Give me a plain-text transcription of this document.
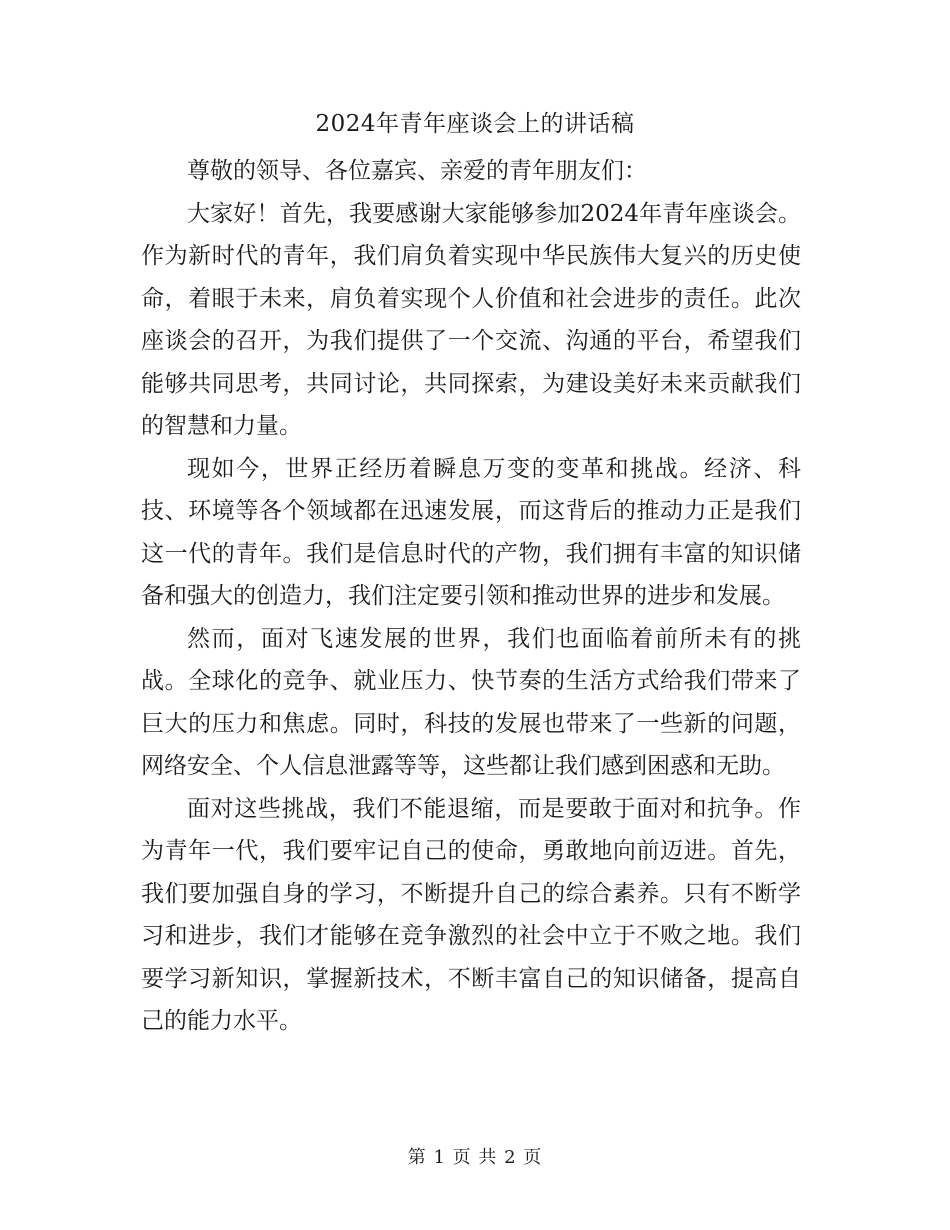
2024年青年座谈会上的讲话稿

尊敬的领导、各位嘉宾、亲爱的青年朋友们：

大家好！首先，我要感谢大家能够参加2024年青年座谈会。作为新时代的青年，我们肩负着实现中华民族伟大复兴的历史使命，着眼于未来，肩负着实现个人价值和社会进步的责任。此次座谈会的召开，为我们提供了一个交流、沟通的平台，希望我们能够共同思考，共同讨论，共同探索，为建设美好未来贡献我们的智慧和力量。

现如今，世界正经历着瞬息万变的变革和挑战。经济、科技、环境等各个领域都在迅速发展，而这背后的推动力正是我们这一代的青年。我们是信息时代的产物，我们拥有丰富的知识储备和强大的创造力，我们注定要引领和推动世界的进步和发展。

然而，面对飞速发展的世界，我们也面临着前所未有的挑战。全球化的竞争、就业压力、快节奏的生活方式给我们带来了巨大的压力和焦虑。同时，科技的发展也带来了一些新的问题，网络安全、个人信息泄露等等，这些都让我们感到困惑和无助。

面对这些挑战，我们不能退缩，而是要敢于面对和抗争。作为青年一代，我们要牢记自己的使命，勇敢地向前迈进。首先，我们要加强自身的学习，不断提升自己的综合素养。只有不断学习和进步，我们才能够在竞争激烈的社会中立于不败之地。我们要学习新知识，掌握新技术，不断丰富自己的知识储备，提高自己的能力水平。

第 1 页 共 2 页
